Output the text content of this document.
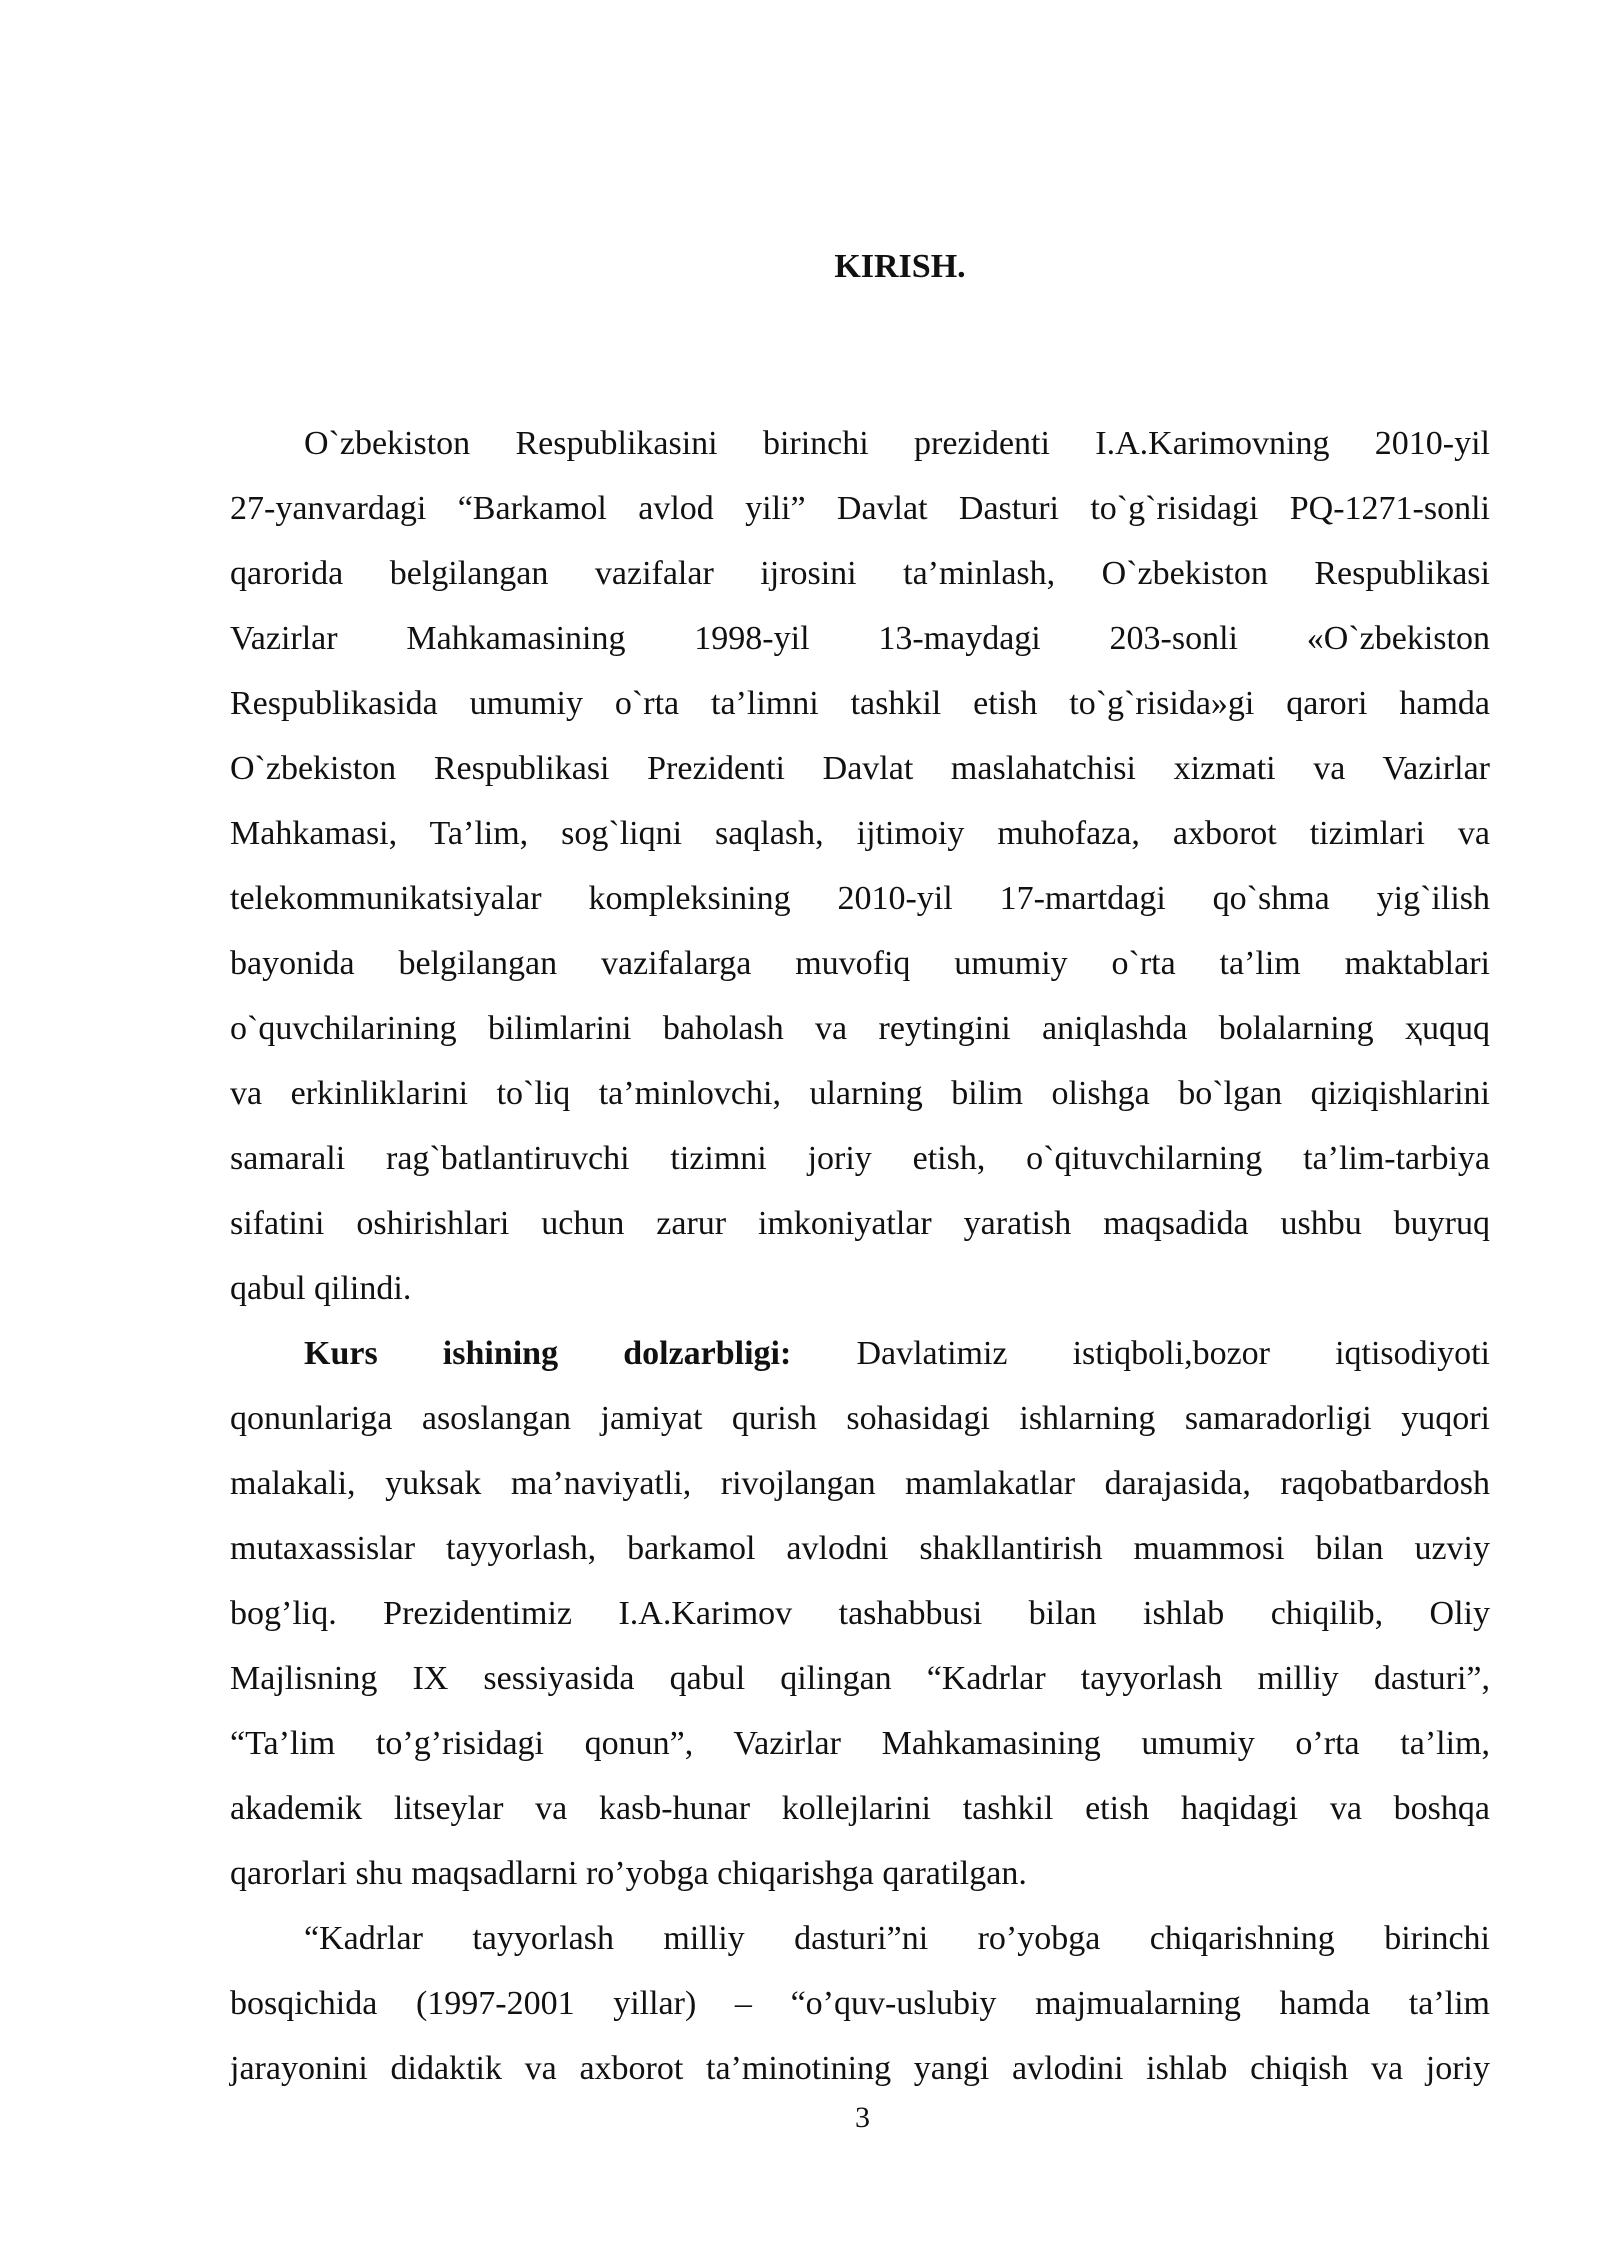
KIRISH.

O`zbekiston Respublikasini birinchi prezidenti I.A.Karimovning 2010-yil

27-yanvardagi “Barkamol avlod yili” Davlat Dasturi to`g`risidagi PQ-1271-sonli

qarorida belgilangan vazifalar ijrosini ta’minlash, O`zbekiston Respublikasi

Vazirlar Mahkamasining 1998-yil 13-maydagi 203-sonli «O`zbekiston

Respublikasida umumiy o`rta ta’limni tashkil etish to`g`risida»gi qarori hamda

O`zbekiston Respublikasi Prezidenti Davlat maslahatchisi xizmati va Vazirlar

Mahkamasi, Ta’lim, sog`liqni saqlash, ijtimoiy muhofaza, axborot tizimlari va

telekommunikatsiyalar kompleksining 2010-yil 17-martdagi qo`shma yig`ilish

bayonida belgilangan vazifalarga muvofiq umumiy o`rta ta’lim maktablari

o`quvchilarining bilimlarini baholash va reytingini aniqlashda bolalarning ҳuquq

va erkinliklarini to`liq ta’minlovchi, ularning bilim olishga bo`lgan qiziqishlarini

samarali rag`batlantiruvchi tizimni joriy etish, o`qituvchilarning ta’lim-tarbiya

sifatini oshirishlari uchun zarur imkoniyatlar yaratish maqsadida ushbu buyruq

qabul qilindi.

Kurs ishining dolzarbligi: Davlatimiz istiqboli,bozor iqtisodiyoti

qonunlariga asoslangan jamiyat qurish sohasidagi ishlarning samaradorligi yuqori

malakali, yuksak ma’naviyatli, rivojlangan mamlakatlar darajasida, raqobatbardosh

mutaxassislar tayyorlash, barkamol avlodni shakllantirish muammosi bilan uzviy

bog’liq. Prezidentimiz I.A.Karimov tashabbusi bilan ishlab chiqilib, Oliy

Majlisning IX sessiyasida qabul qilingan “Kadrlar tayyorlash milliy dasturi”,

“Ta’lim to’g’risidagi qonun”, Vazirlar Mahkamasining umumiy o’rta ta’lim,

akademik litseylar va kasb-hunar kollejlarini tashkil etish haqidagi va boshqa

qarorlari shu maqsadlarni ro’yobga chiqarishga qaratilgan.

“Kadrlar tayyorlash milliy dasturi”ni ro’yobga chiqarishning birinchi

bosqichida (1997-2001 yillar) – “o’quv-uslubiy majmualarning hamda ta’lim

jarayonini didaktik va axborot ta’minotining yangi avlodini ishlab chiqish va joriy

3
